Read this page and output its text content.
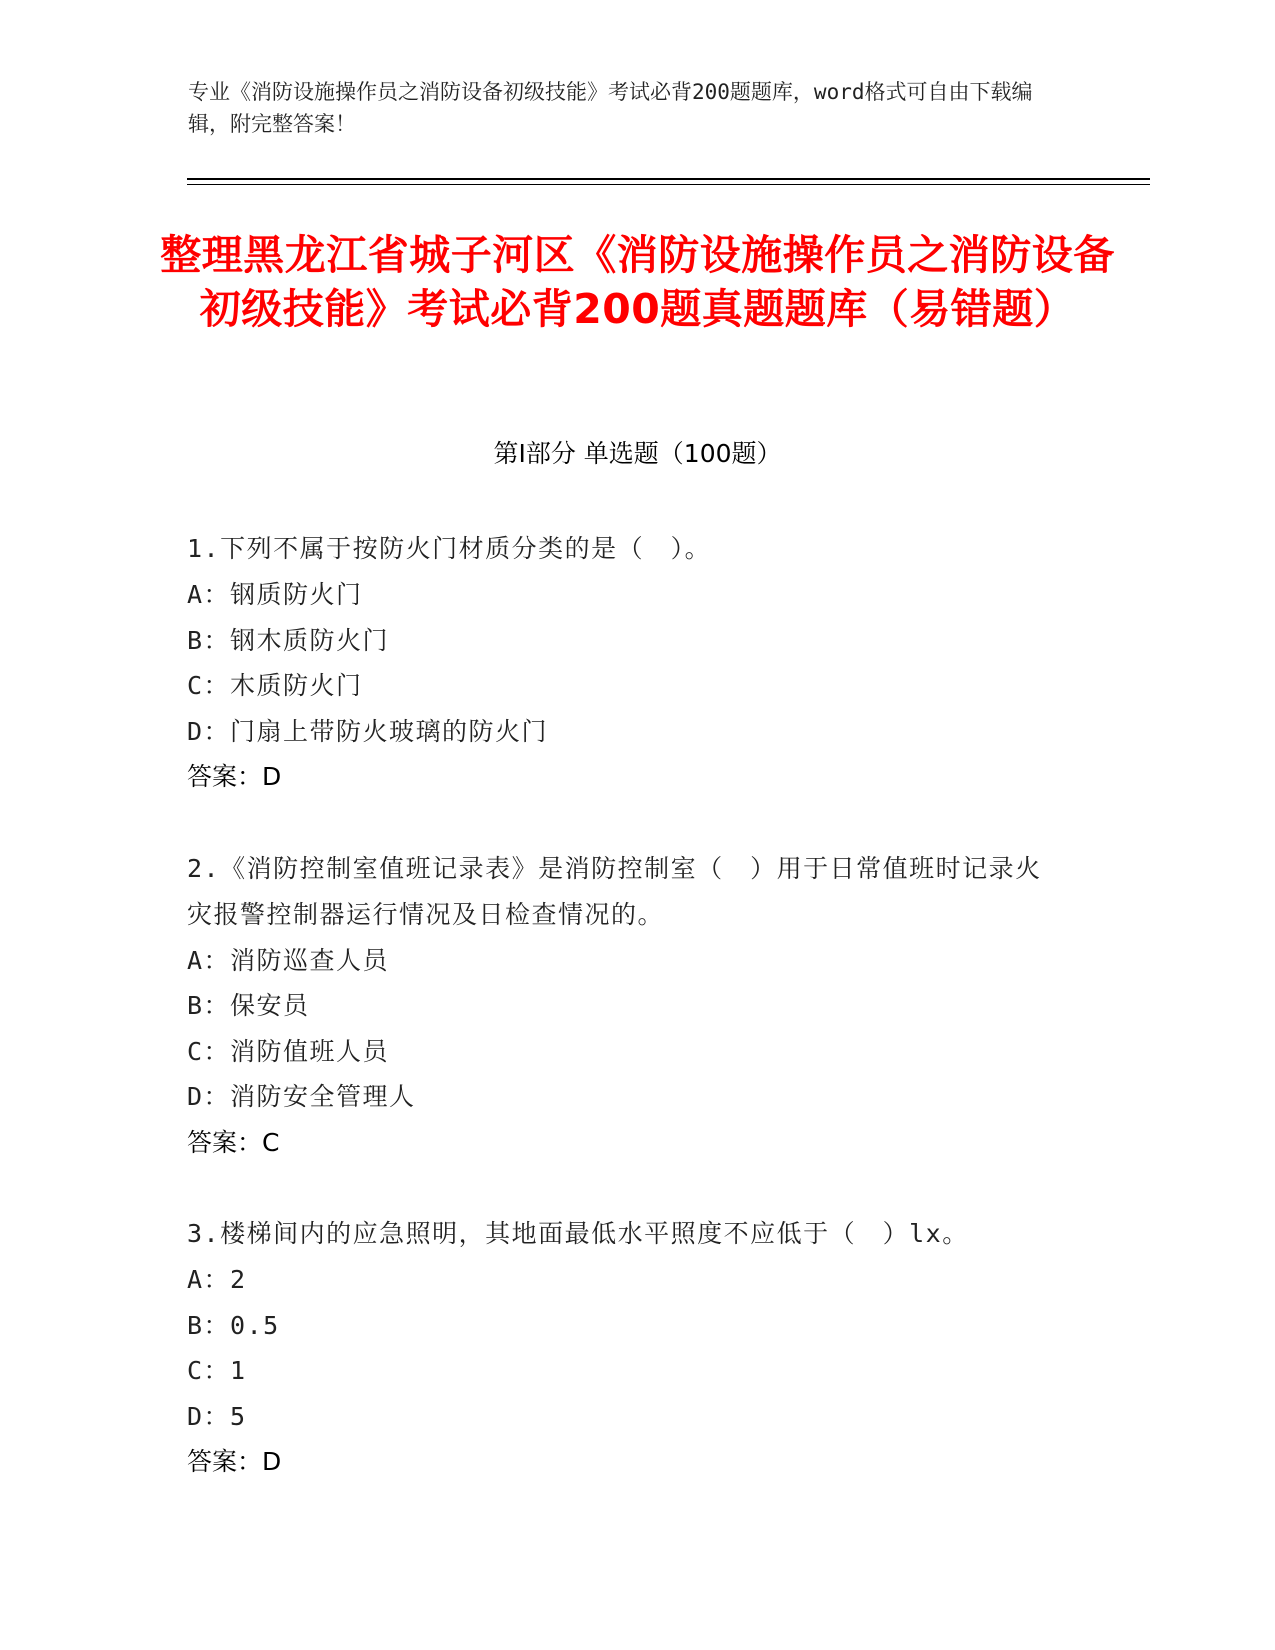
专业《消防设施操作员之消防设备初级技能》考试必背200题题库，word格式可自由下载编辑，附完整答案！
整理黑龙江省城子河区《消防设施操作员之消防设备初级技能》考试必背200题真题题库（易错题）
第Ⅰ部分 单选题（100题）
1.下列不属于按防火门材质分类的是（　）。
A：钢质防火门
B：钢木质防火门
C：木质防火门
D：门扇上带防火玻璃的防火门
答案：D
2.《消防控制室值班记录表》是消防控制室（　）用于日常值班时记录火灾报警控制器运行情况及日检查情况的。
A：消防巡查人员
B：保安员
C：消防值班人员
D：消防安全管理人
答案：C
3.楼梯间内的应急照明，其地面最低水平照度不应低于（　）lx。
A：2
B：0.5
C：1
D：5
答案：D
